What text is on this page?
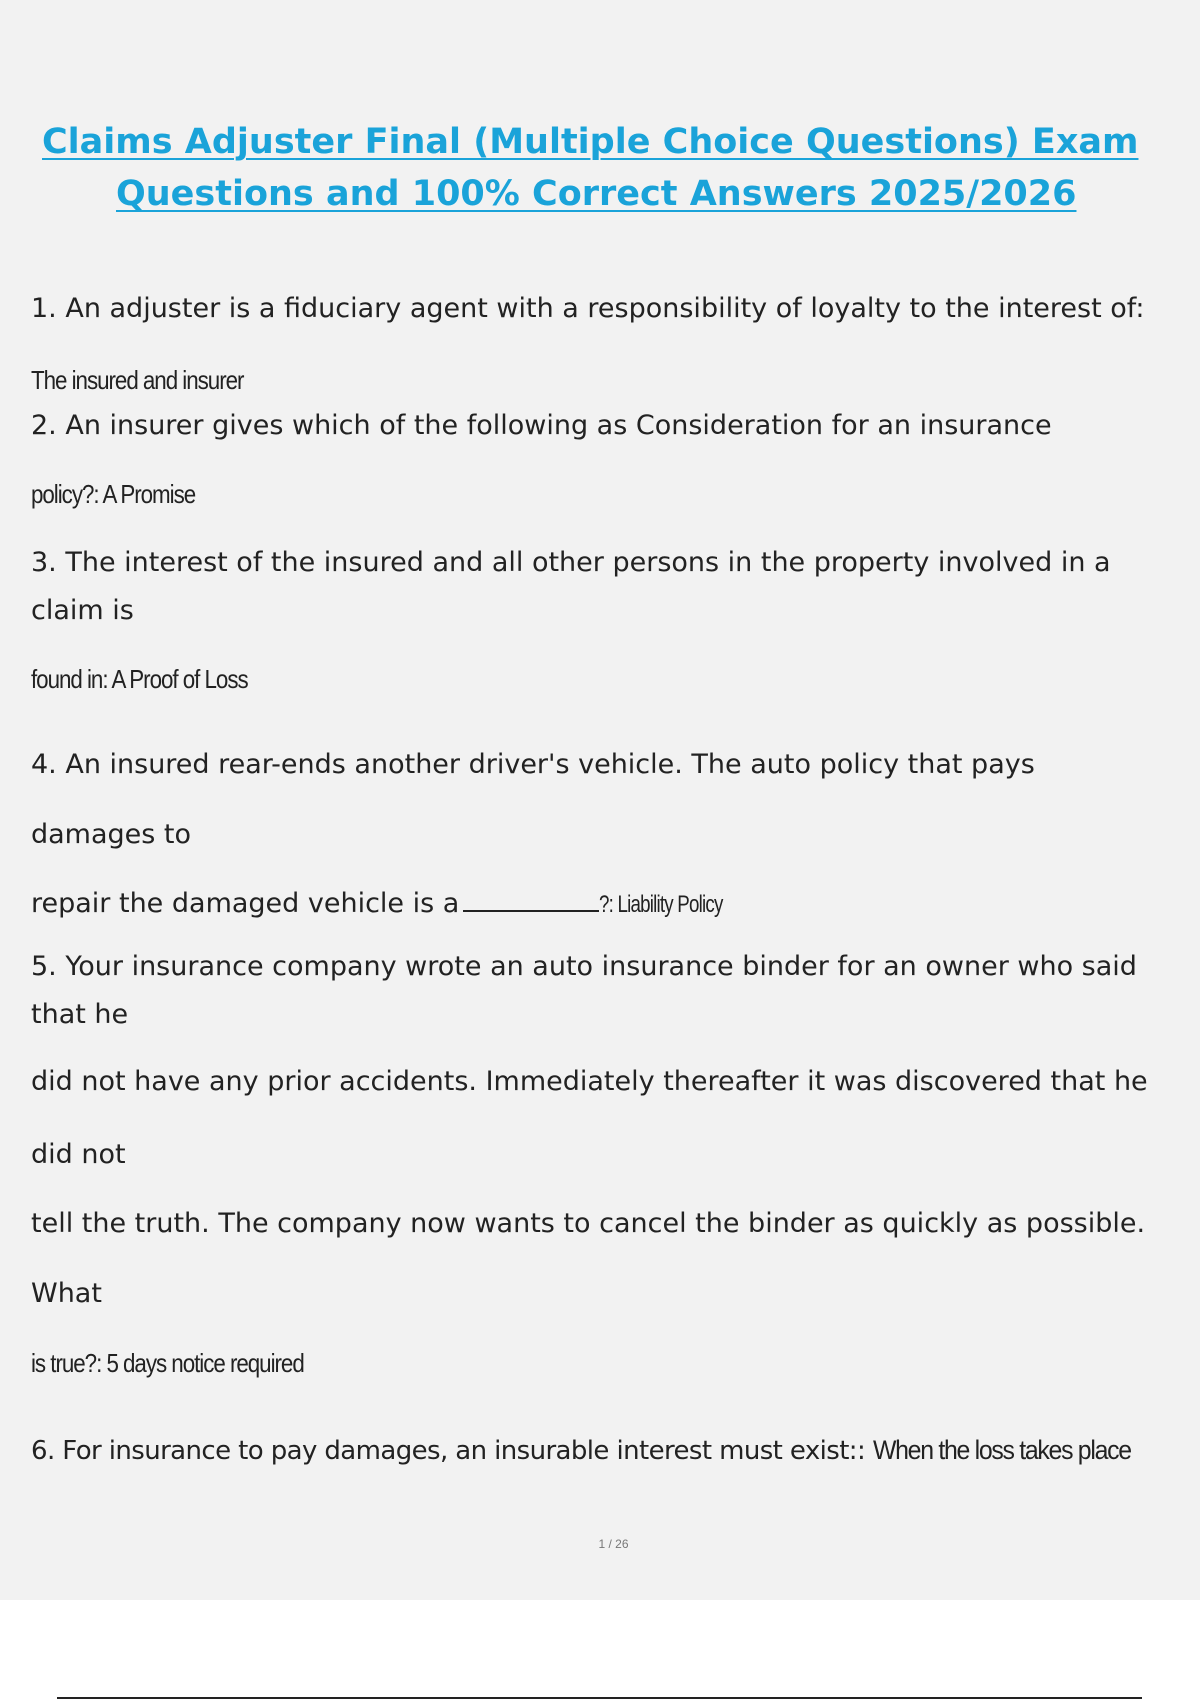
Claims Adjuster Final (Multiple Choice Questions) Exam
Questions and 100% Correct Answers 2025/2026

1. An adjuster is a fiduciary agent with a responsibility of loyalty to the interest of:

The insured and insurer

2. An insurer gives which of the following as Consideration for an insurance

policy?: A Promise

3. The interest of the insured and all other persons in the property involved in a

claim is

found in: A Proof of Loss

4. An insured rear-ends another driver's vehicle. The auto policy that pays

damages to

repair the damaged vehicle is a	?: Liability Policy

5. Your insurance company wrote an auto insurance binder for an owner who said

that he

did not have any prior accidents. Immediately thereafter it was discovered that he

did not

tell the truth. The company now wants to cancel the binder as quickly as possible.

What

is true?: 5 days notice required

6. For insurance to pay damages, an insurable interest must exist:: When the loss takes place

1 / 26
